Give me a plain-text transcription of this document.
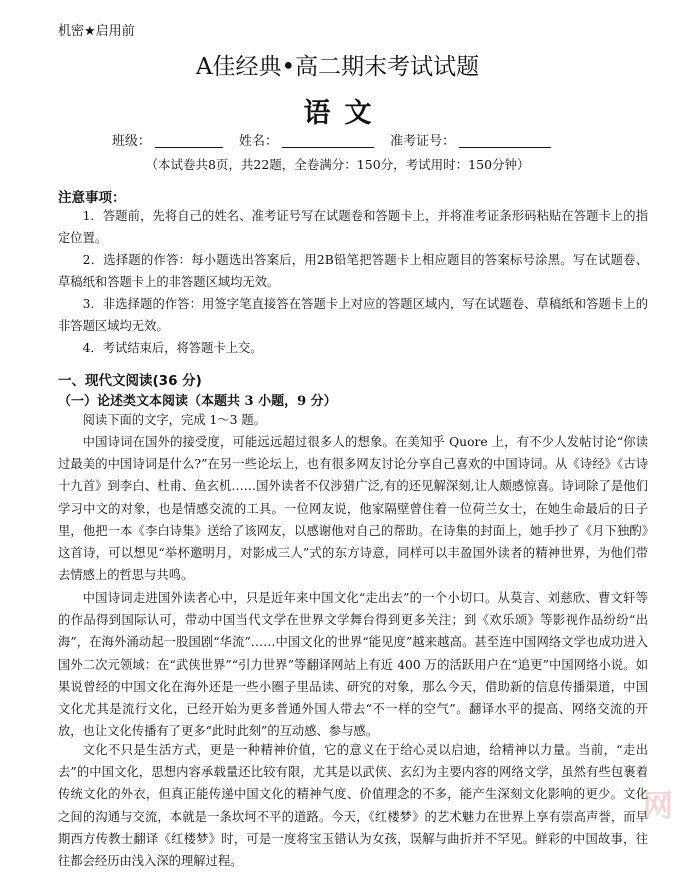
机密★启用前
A佳经典•高二期末考试试题
语文
班级：	姓名：	准考证号：
（本试卷共8页，共22题，全卷满分：150分，考试用时：150分钟）
注意事项：
1．答题前，先将自己的姓名、准考证号写在试题卷和答题卡上，并将准考证条形码粘贴在答题卡上的指定位置。
2．选择题的作答：每小题选出答案后，用2B铅笔把答题卡上相应题目的答案标号涂黑。写在试题卷、草稿纸和答题卡上的非答题区域均无效。
3．非选择题的作答：用签字笔直接答在答题卡上对应的答题区域内，写在试题卷、草稿纸和答题卡上的非答题区域均无效。
4．考试结束后，将答题卡上交。
一、现代文阅读(36 分)
（一）论述类文本阅读（本题共 3 小题，9 分）
阅读下面的文字，完成 1～3 题。
中国诗词在国外的接受度，可能远远超过很多人的想象。在美知乎 Quore 上，有不少人发帖讨论“你读过最美的中国诗词是什么?”在另一些论坛上，也有很多网友讨论分享自己喜欢的中国诗词。从《诗经》《古诗十九首》到李白、杜甫、鱼玄机……国外读者不仅涉猎广泛,有的还见解深刻,让人颇感惊喜。诗词除了是他们学习中文的对象，也是情感交流的工具。一位网友说，他家隔壁曾住着一位荷兰女士，在她生命最后的日子里，他把一本《李白诗集》送给了该网友，以感谢他对自己的帮助。在诗集的封面上，她手抄了《月下独酌》这首诗，可以想见“举杯邀明月，对影成三人”式的东方诗意，同样可以丰盈国外读者的精神世界，为他们带去情感上的哲思与共鸣。
中国诗词走进国外读者心中，只是近年来中国文化“走出去”的一个小切口。从莫言、刘慈欣、曹文轩等的作品得到国际认可，带动中国当代文学在世界文学舞台得到更多关注；到《欢乐颂》等影视作品纷纷“出海”，在海外涌动起一股国剧“华流”……中国文化的世界“能见度”越来越高。甚至连中国网络文学也成功进入国外二次元领域：在“武侠世界”“引力世界”等翻译网站上有近 400 万的活跃用户在“追更”中国网络小说。如果说曾经的中国文化在海外还是一些小圈子里品读、研究的对象，那么今天，借助新的信息传播渠道，中国文化尤其是流行文化，已经开始为更多普通外国人带去“不一样的空气”。翻译水平的提高、网络交流的开放，也让文化传播有了更多“此时此刻”的互动感、参与感。
文化不只是生活方式，更是一种精神价值，它的意义在于给心灵以启迪，给精神以力量。当前，“走出去”的中国文化，思想内容承载量还比较有限，尤其是以武侠、玄幻为主要内容的网络文学，虽然有些包裹着传统文化的外衣，但真正能传递中国文化的精神气度、价值理念的不多，能产生深刻文化影响的更少。文化之间的沟通与交流，本就是一条坎坷不平的道路。今天，《红楼梦》的艺术魅力在世界上享有崇高声誉，而早期西方传教士翻译《红楼梦》时，可是一度将宝玉错认为女孩，误解与曲折并不罕见。鲜彩的中国故事，往往都会经历由浅入深的理解过程。
网
